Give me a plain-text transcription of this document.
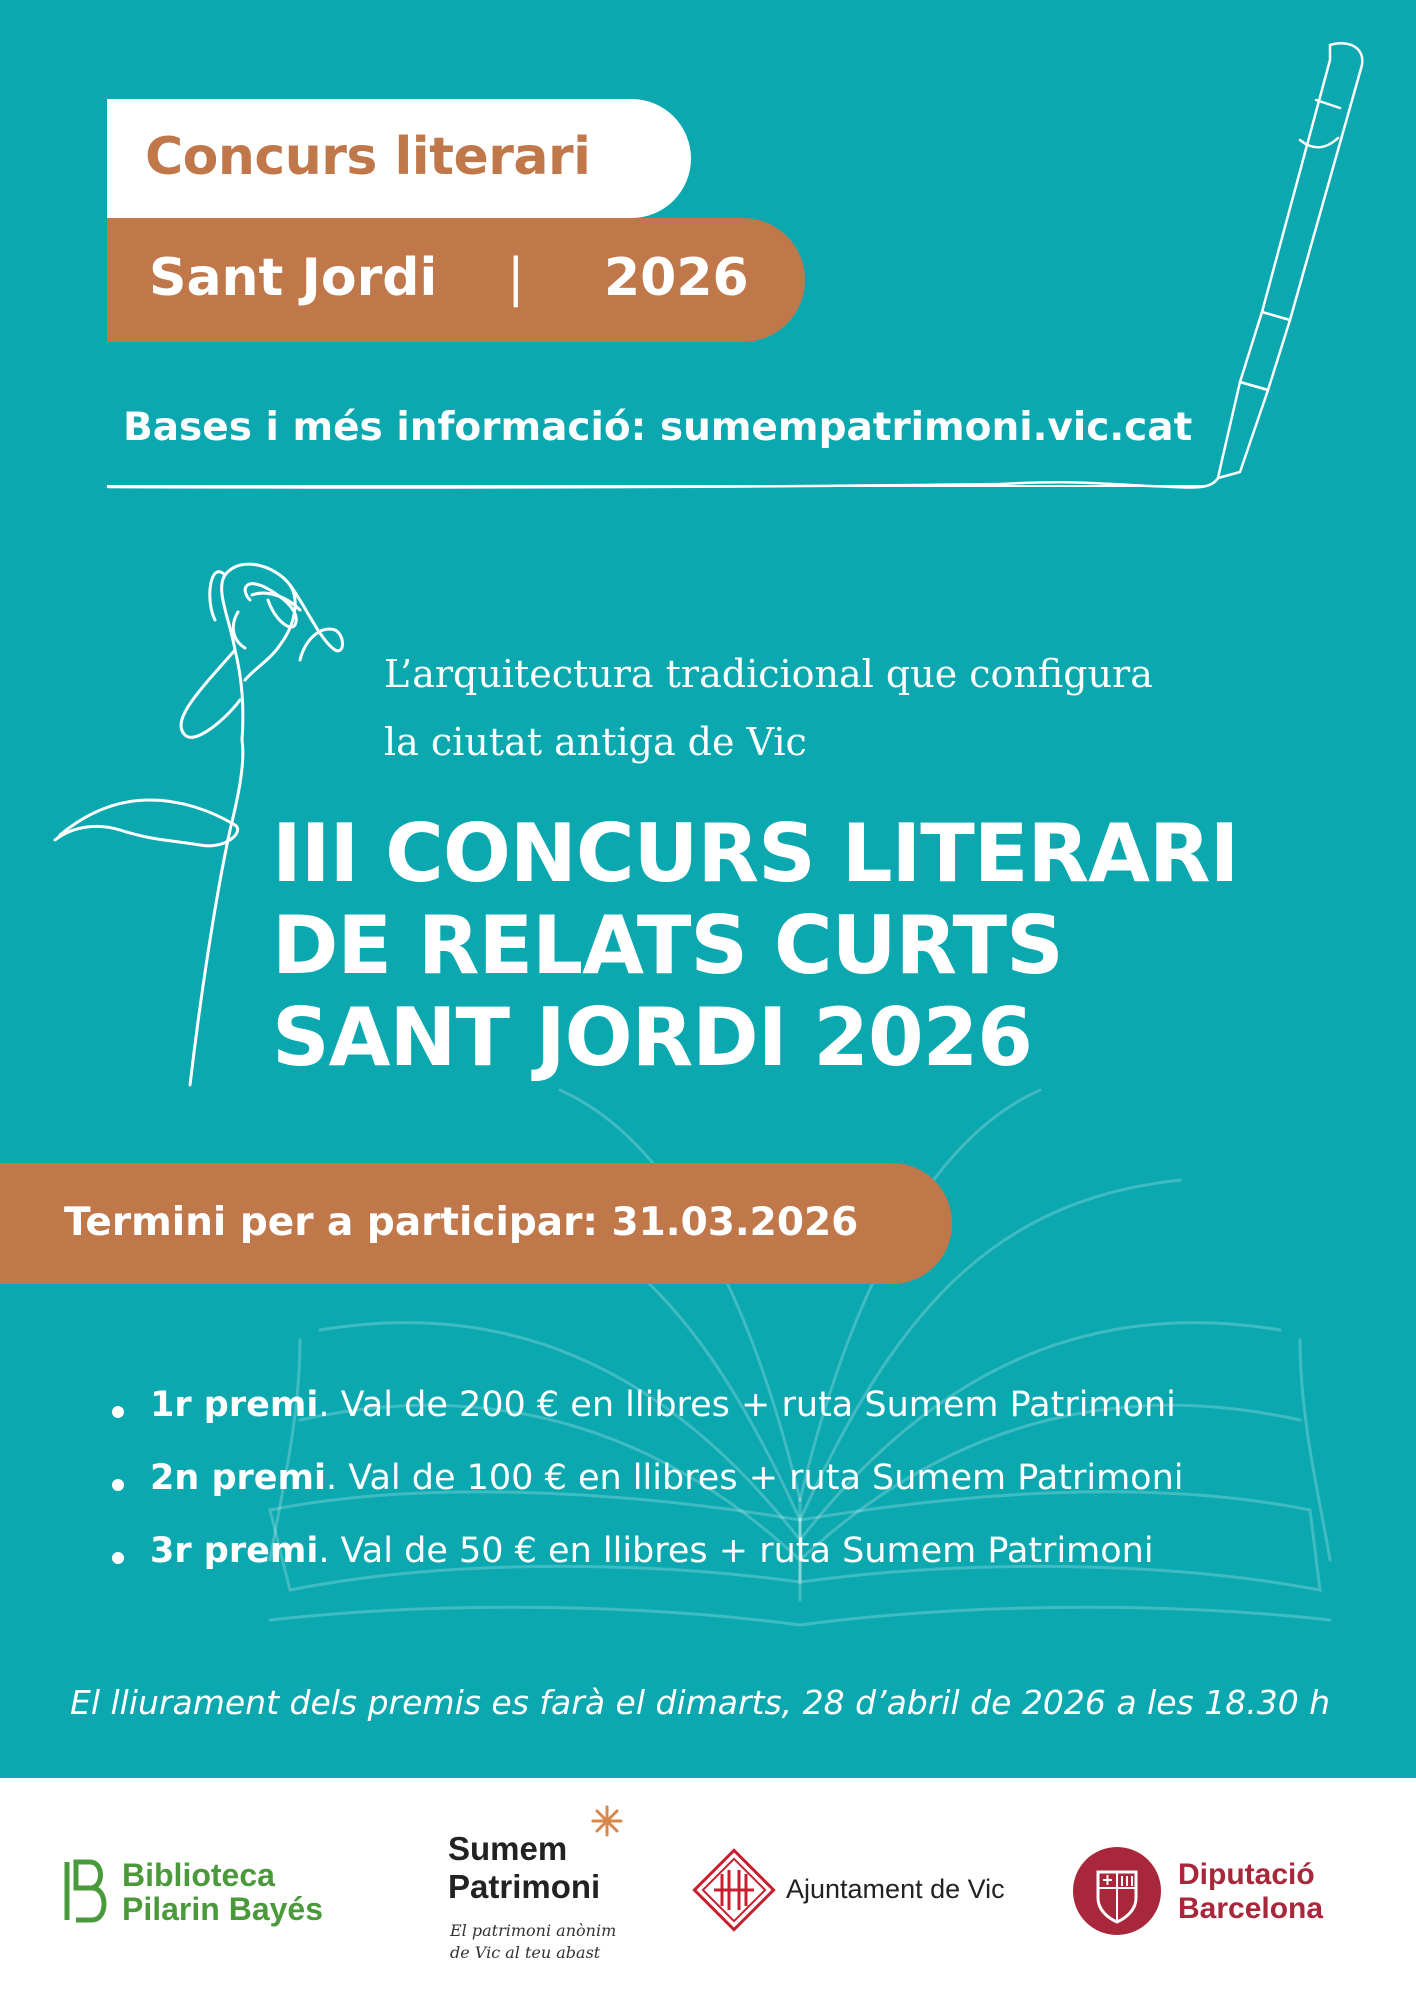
Concurs literari
Sant Jordi | 2026
Bases i més informació: sumempatrimoni.vic.cat
L’arquitectura tradicional que configura
la ciutat antiga de Vic
III CONCURS LITERARI
DE RELATS CURTS
SANT JORDI 2026
Termini per a participar: 31.03.2026
1r premi. Val de 200 € en llibres + ruta Sumem Patrimoni
2n premi. Val de 100 € en llibres + ruta Sumem Patrimoni
3r premi. Val de 50 € en llibres + ruta Sumem Patrimoni
El lliurament dels premis es farà el dimarts, 28 d’abril de 2026 a les 18.30 h
Biblioteca
Pilarin Bayés
Sumem
Patrimoni
El patrimoni anònim
de Vic al teu abast
Ajuntament de Vic	Diputació
Barcelona
